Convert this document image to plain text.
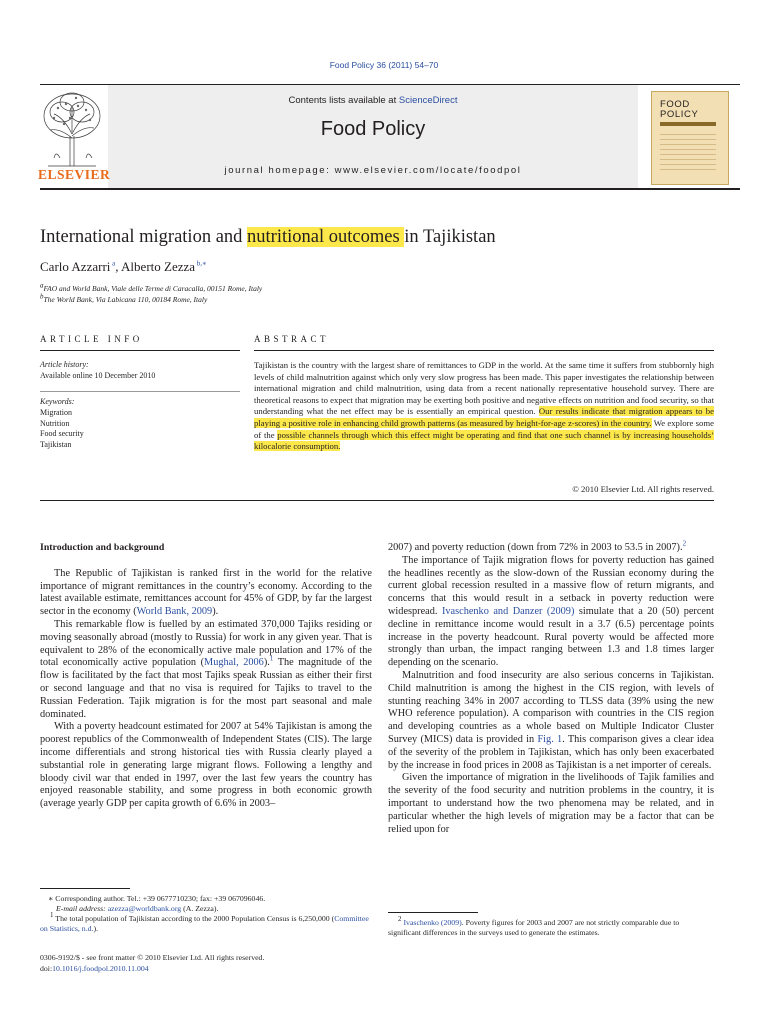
Food Policy 36 (2011) 54–70
Contents lists available at ScienceDirect
Food Policy
journal homepage: www.elsevier.com/locate/foodpol
ELSEVIER
FOOD
POLICY
International migration and nutritional outcomes in Tajikistan
Carlo Azzarri $^a$, Alberto Zezza $^{b,∗}$
aFAO and World Bank, Viale delle Terme di Caracalla, 00151 Rome, Italy
bThe World Bank, Via Labicana 110, 00184 Rome, Italy
ARTICLE INFO	ABSTRACT
Article history:
Available online 10 December 2010
Keywords:
Migration
Nutrition
Food security
Tajikistan
Tajikistan is the country with the largest share of remittances to GDP in the world. At the same time it suffers from stubbornly high levels of child malnutrition against which only very slow progress has been made. This paper investigates the relationship between international migration and child malnutrition, using data from a recent nationally representative household survey. There are theoretical reasons to expect that migration may be exerting both positive and negative effects on nutrition and food security, so that understanding what the net effect may be is essentially an empirical question. Our results indicate that migration appears to be playing a positive role in enhancing child growth patterns (as measured by height-for-age z-scores) in the country. We explore some of the possible channels through which this effect might be operating and find that one such channel is by increasing households’ kilocalorie consumption.
© 2010 Elsevier Ltd. All rights reserved.

Introduction and background

The Republic of Tajikistan is ranked first in the world for the relative importance of migrant remittances in the country’s economy. According to the latest available estimate, remittances account for 45% of GDP, by far the largest sector in the economy (World Bank, 2009).

This remarkable flow is fuelled by an estimated 370,000 Tajiks residing or moving seasonally abroad (mostly to Russia) for work in any given year. That is equivalent to 28% of the economically active male population and 17% of the total economically active population (Mughal, 2006).$^1$ The magnitude of the flow is facilitated by the fact that most Tajiks speak Russian as either their first or second language and that no visa is required for Tajiks to travel to the Russian Federation. Tajik migration is for the most part seasonal and male dominated.

With a poverty headcount estimated for 2007 at 54% Tajikistan is among the poorest republics of the Commonwealth of Independent States (CIS). The large income differentials and strong historical ties with Russia clearly played a substantial role in generating large migrant flows. Following a lengthy and bloody civil war that ended in 1997, over the last few years the country has enjoyed reasonable stability, and some progress in both economic growth (average yearly GDP per capita growth of 6.6% in 2003–

2007) and poverty reduction (down from 72% in 2003 to 53.5 in 2007).$^2$

The importance of Tajik migration flows for poverty reduction has gained the headlines recently as the slow-down of the Russian economy during the current global recession resulted in a massive flow of return migrants, and concerns that this would result in a setback in poverty reduction were widespread. Ivaschenko and Danzer (2009) simulate that a 20 (50) percent decline in remittance income would result in a 3.7 (6.5) percentage points increase in the poverty headcount. Rural poverty would be affected more strongly than urban, the impact ranging between 1.3 and 1.8 times larger depending on the scenario.

Malnutrition and food insecurity are also serious concerns in Tajikistan. Child malnutrition is among the highest in the CIS region, with levels of stunting reaching 34% in 2007 according to TLSS data (39% using the new WHO reference population). A comparison with countries in the CIS region and developing countries as a whole based on Multiple Indicator Cluster Survey (MICS) data is provided in Fig. 1. This comparison gives a clear idea of the severity of the problem in Tajikistan, which has only been exacerbated by the increase in food prices in 2008 as Tajikistan is a net importer of cereals.

Given the importance of migration in the livelihoods of Tajik families and the severity of the food security and nutrition problems in the country, it is important to understand how the two phenomena may be related, and in particular whether the high levels of migration may be a factor that can be relied upon for

∗ Corresponding author. Tel.: +39 0677710230; fax: +39 067096046.
E-mail address: azezza@worldbank.org (A. Zezza).
1 The total population of Tajikistan according to the 2000 Population Census is 6,250,000 (Committee on Statistics, n.d.).
2 Ivaschenko (2009). Poverty figures for 2003 and 2007 are not strictly comparable due to significant differences in the surveys used to generate the estimates.
0306-9192/$ - see front matter © 2010 Elsevier Ltd. All rights reserved.
doi:10.1016/j.foodpol.2010.11.004
